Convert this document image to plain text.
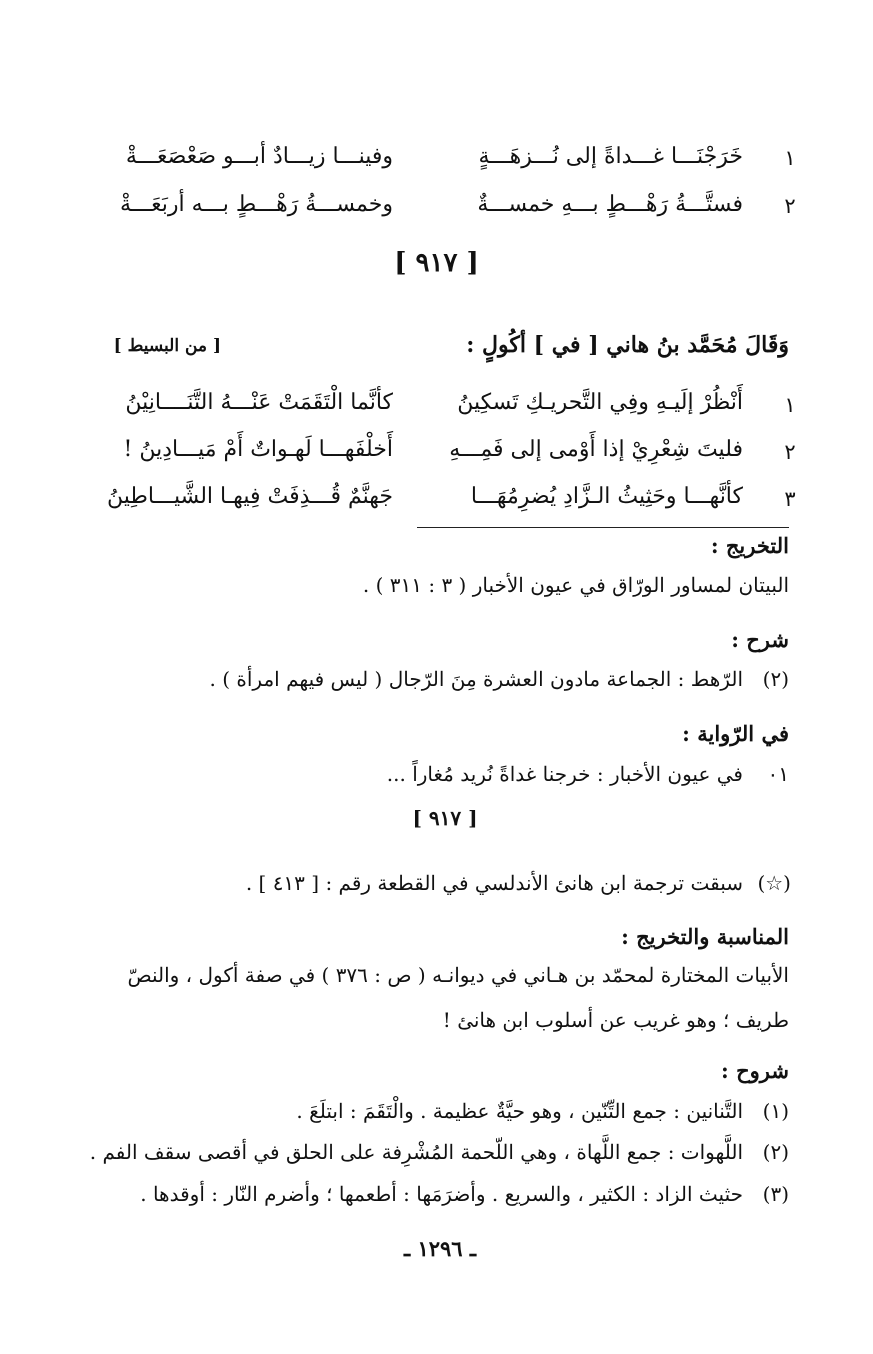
١
خَرَجْنَـــا غـــداةً إلى نُـــزهَـــةٍ
وفينـــا زيـــادٌ أبـــو صَعْصَعَـــةْ
٢
فستَّـــةُ رَهْـــطٍ بـــهِ خمســـةٌ
وخمســـةُ رَهْـــطٍ بـــه أربَعَـــةْ
[ ٩١٧ ]
وَقَالَ مُحَمَّد بنُ هاني [ في ] أكُولٍ :
[ من البسيط ]
١
أَنْظُرْ إلَيـهِ وفِي التَّحريـكِ تَسكِينُ
كأنَّما الْتَقَمَتْ عَنْـــهُ التَّنَــــانِيْنُ
٢
فليتَ شِعْرِيْ إذا أَوْمى إلى فَمِـــهِ
أَخلْفَهـــا لَهـواتٌ أَمْ مَيـــادِينُ !
٣
كأنَّهـــا وحَثِيثُ الـزَّادِ يُضرِمُهَـــا
جَهنَّمٌ قُـــذِفَتْ فِيهـا الشَّيـــاطِينُ
التخريج :
البيتان لمساور الورّاق في عيون الأخبار ( ٣ : ٣١١ ) .
شرح :
(٢)
الرّهط : الجماعة مادون العشرة مِنَ الرّجال ( ليس فيهم امرأة ) .
في الرّواية :
٠١
في عيون الأخبار : خرجنا غداةً نُريد مُغاراً ...
[ ٩١٧ ]
(☆)
سبقت ترجمة ابن هانئ الأندلسي في القطعة رقم : [ ٤١٣ ] .
المناسبة والتخريج :
الأبيات المختارة لمحمّد بن هـاني في ديوانـه ( ص : ٣٧٦ ) في صفة أكول ، والنصّ
طريف ؛ وهو غريب عن أسلوب ابن هانئ !
شروح :
(١)
التَّنانين : جمع التِّنّين ، وهو حيَّةٌ عظيمة . والْتَقَمَ : ابتلَعَ .
(٢)
اللَّهوات : جمع اللَّهاة ، وهي اللّحمة المُشْرِفة على الحلق في أقصى سقف الفم .
(٣)
حثيث الزاد : الكثير ، والسريع . وأضرَمَها : أطعمها ؛ وأضرم النّار : أوقدها .
ـ ١٢٩٦ ـ
